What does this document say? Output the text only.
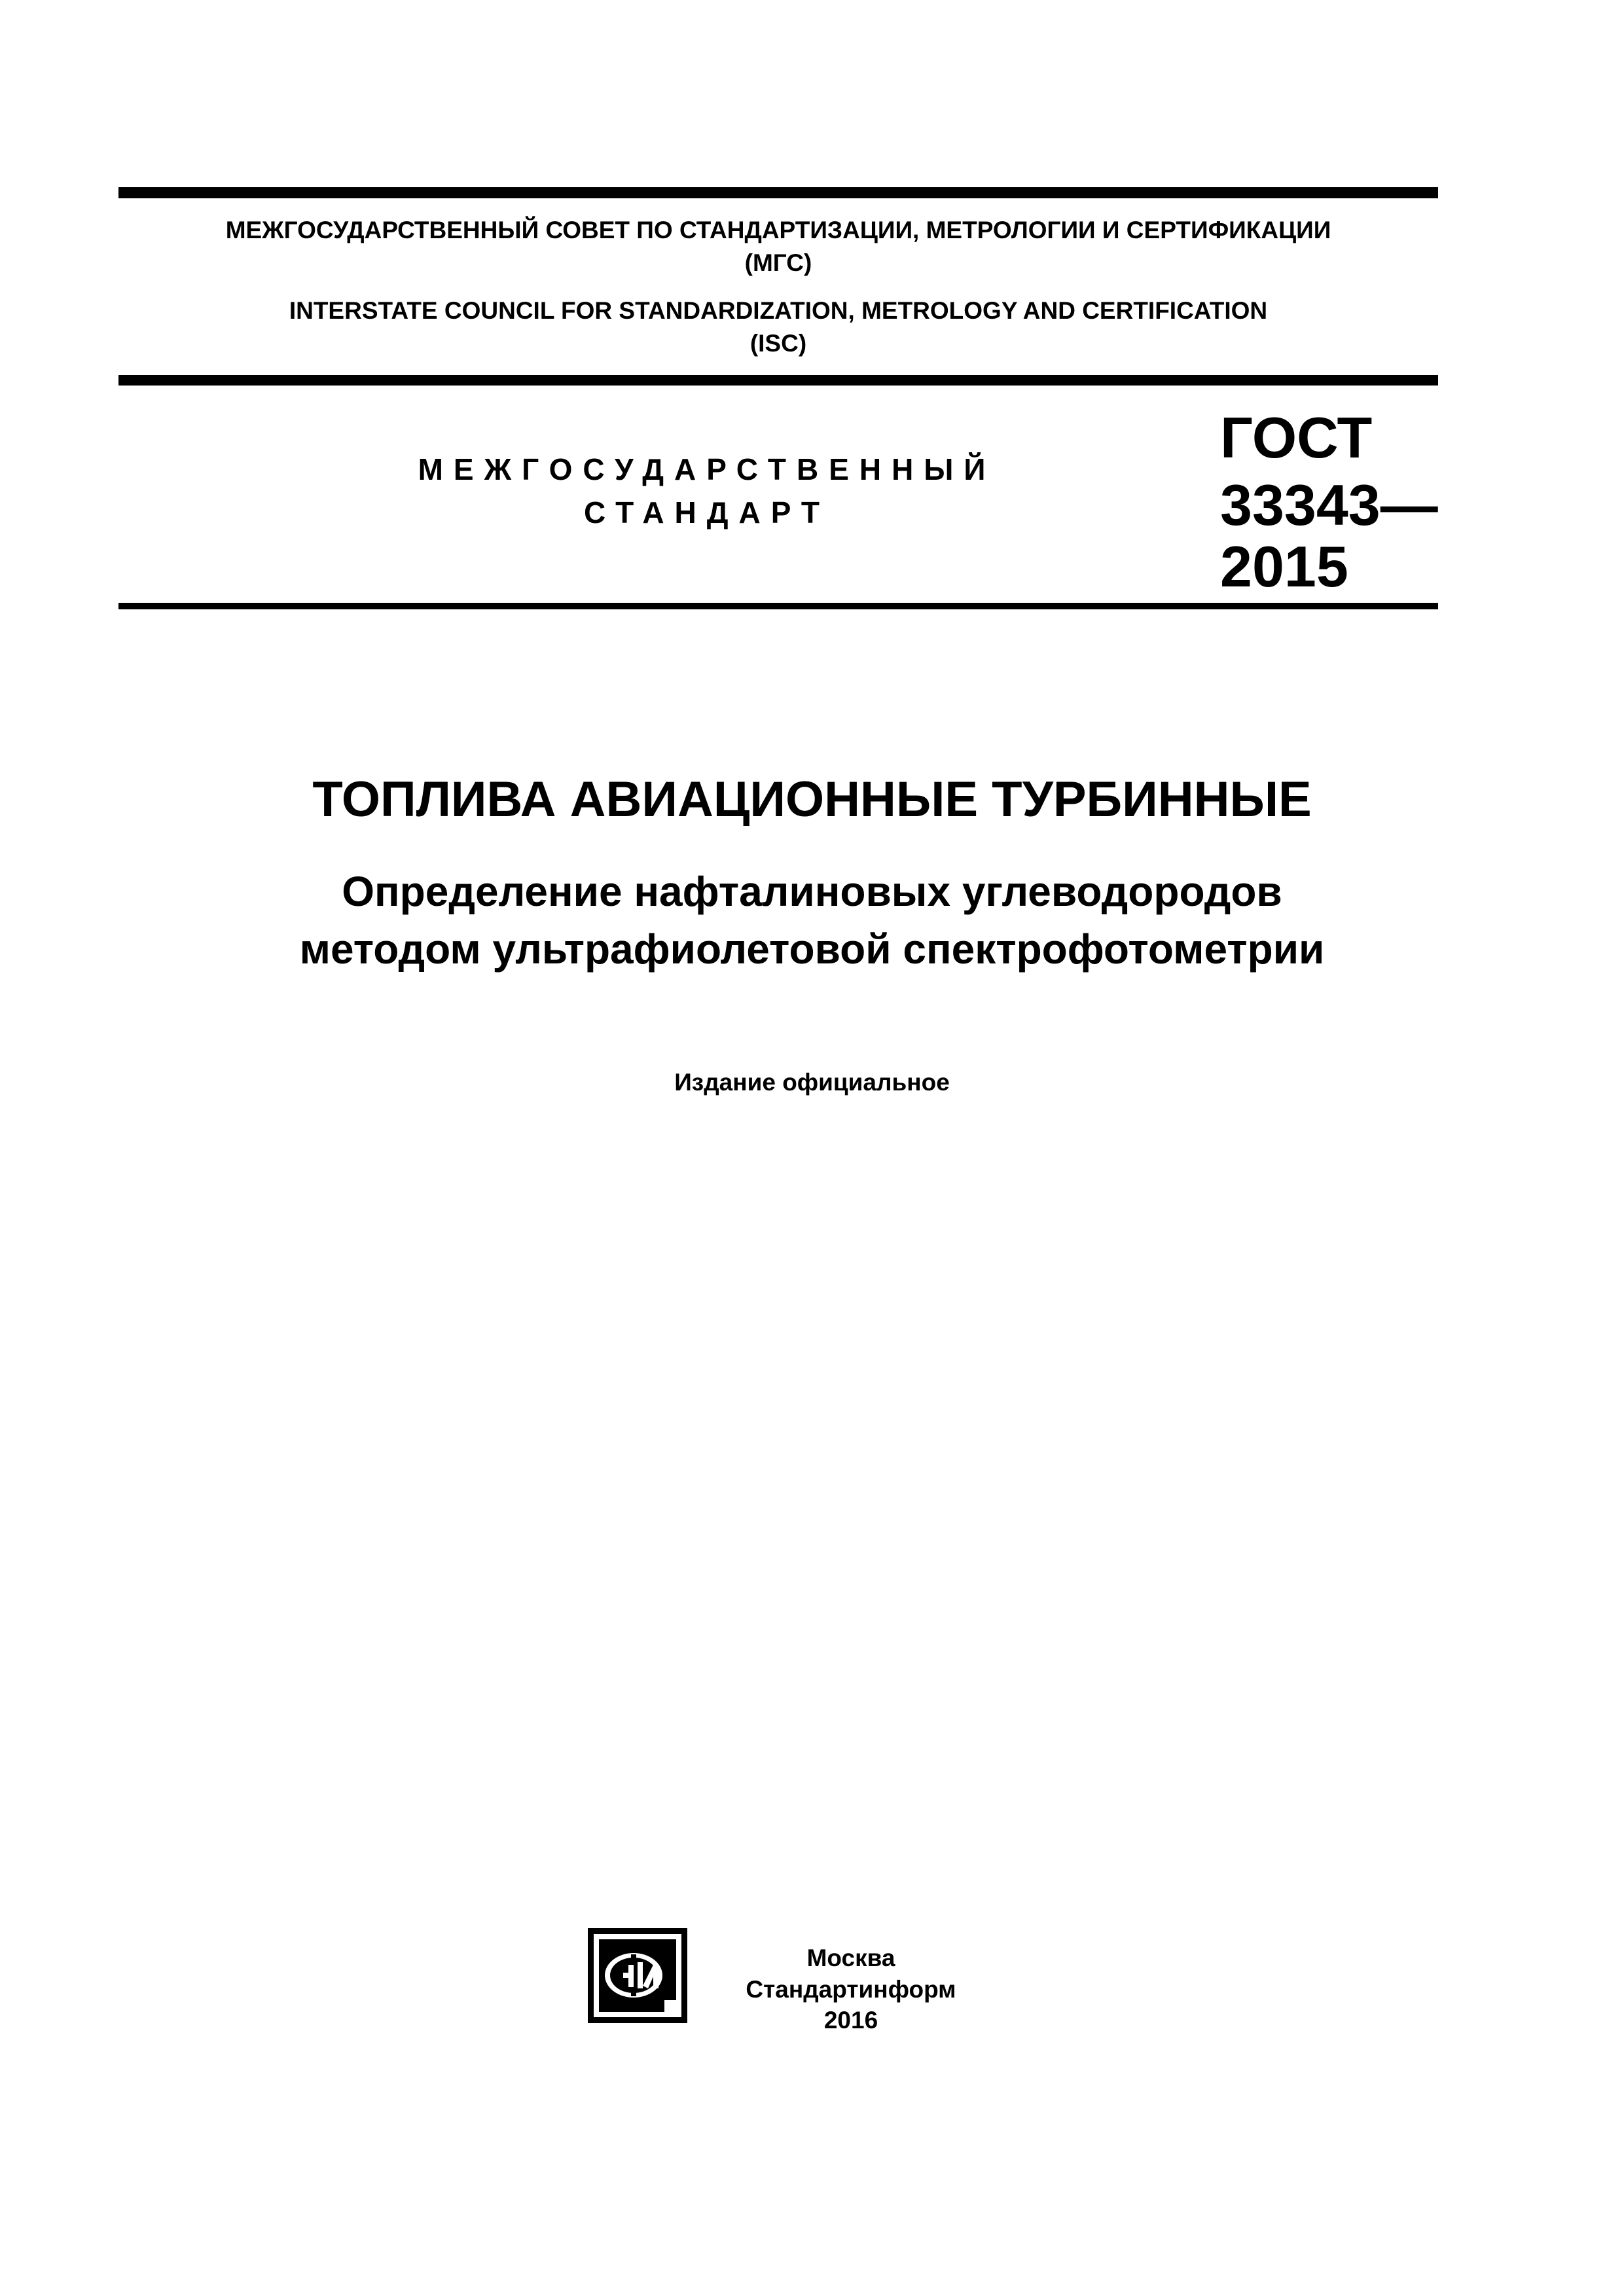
МЕЖГОСУДАРСТВЕННЫЙ СОВЕТ ПО СТАНДАРТИЗАЦИИ, МЕТРОЛОГИИ И СЕРТИФИКАЦИИ
(МГС)
INTERSTATE COUNCIL FOR STANDARDIZATION, METROLOGY AND CERTIFICATION
(ISC)
МЕЖГОСУДАРСТВЕННЫЙ
СТАНДАРТ
ГОСТ
33343—
2015
ТОПЛИВА АВИАЦИОННЫЕ ТУРБИННЫЕ
Определение нафталиновых углеводородов
методом ультрафиолетовой спектрофотометрии
Издание официальное
Москва
Стандартинформ
2016
